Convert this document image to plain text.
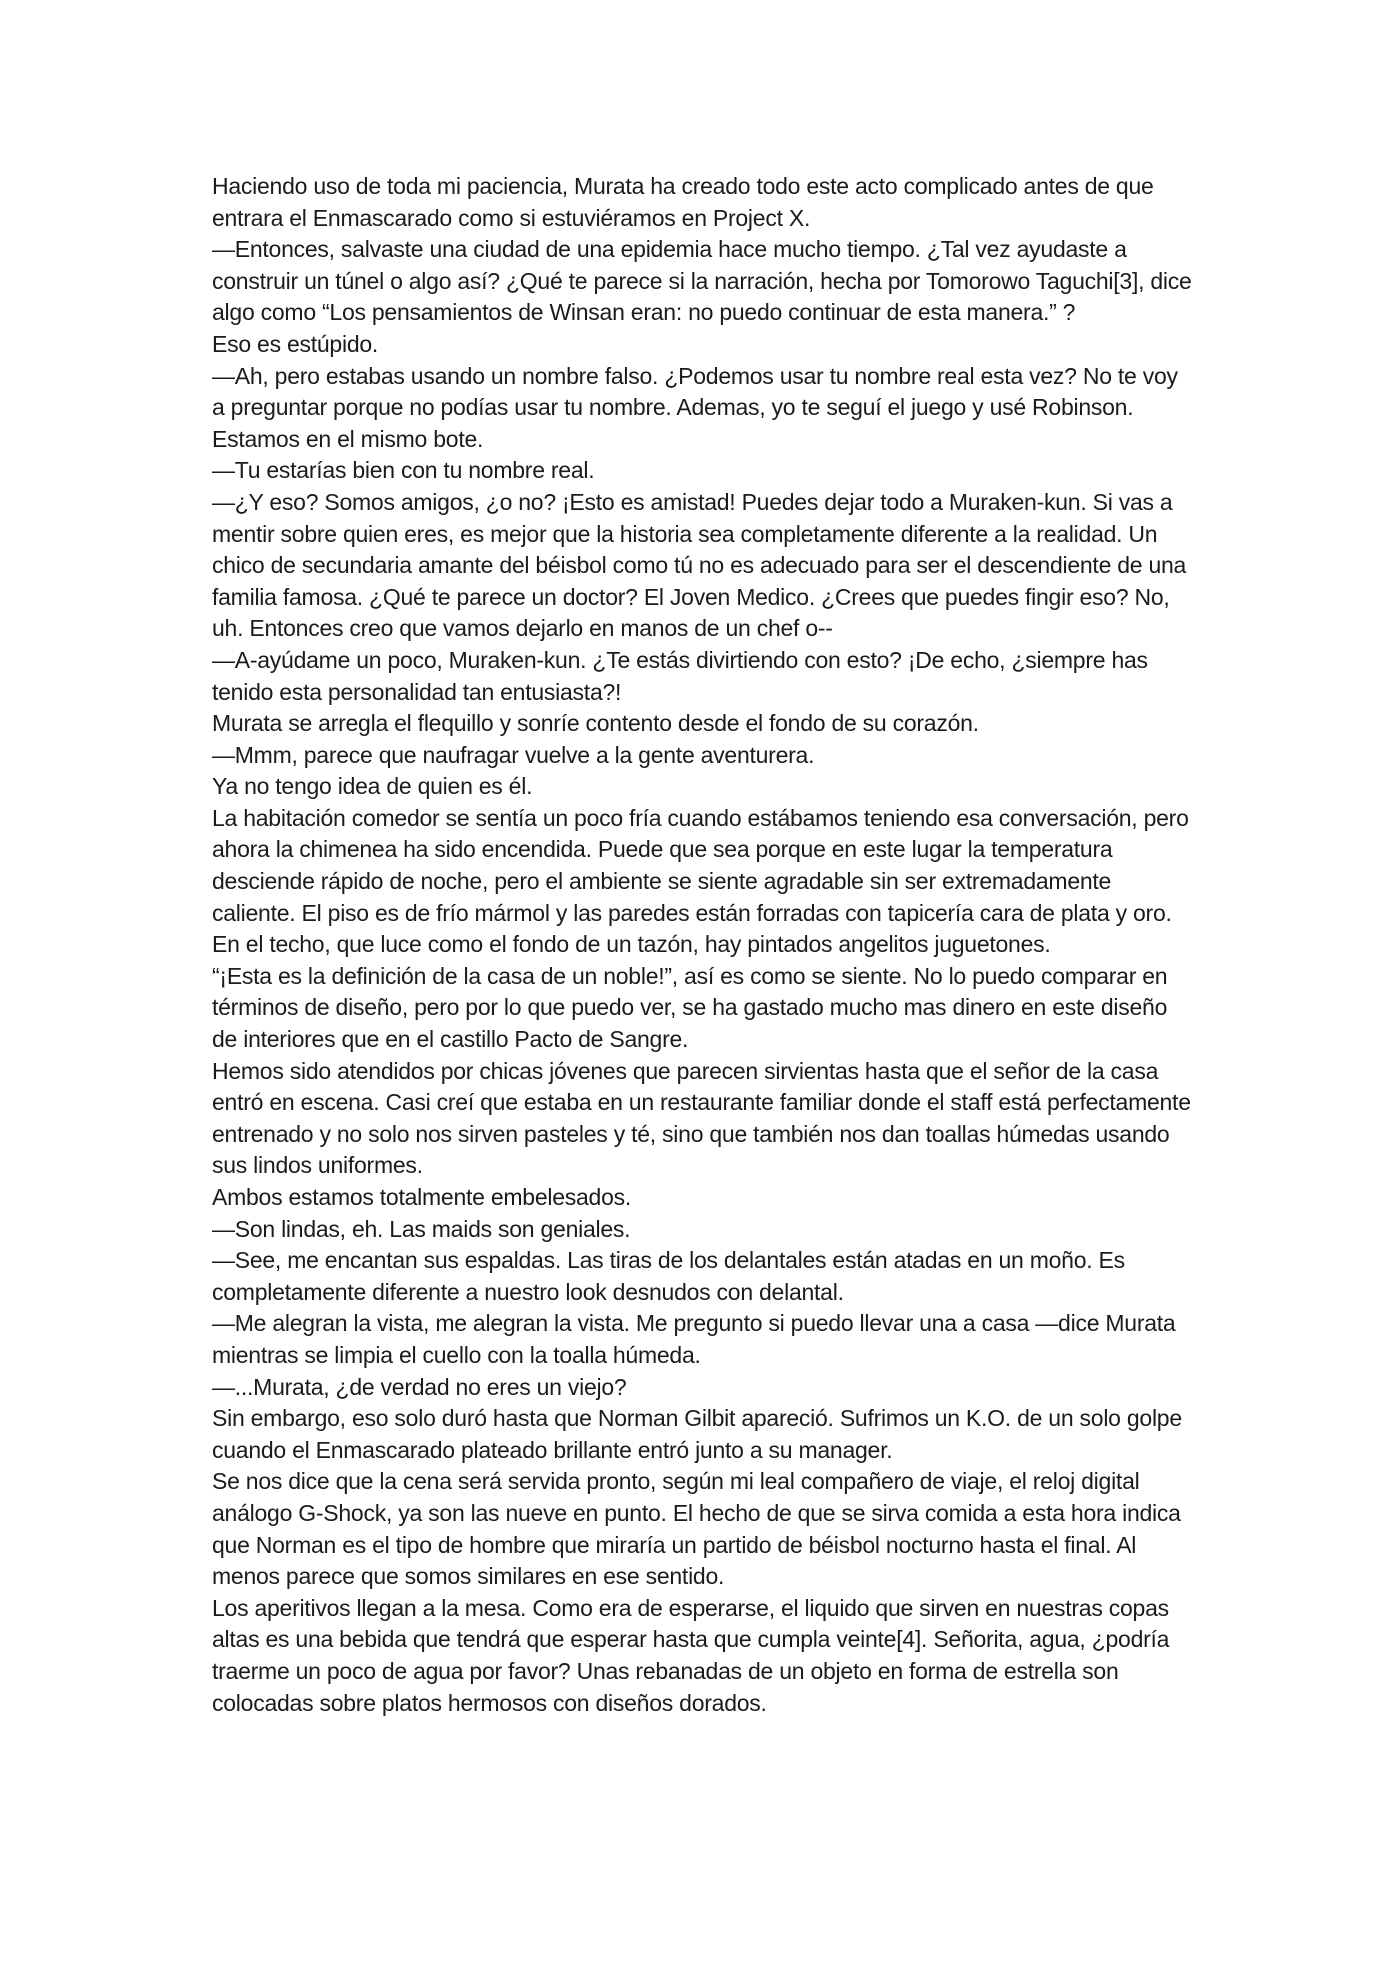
Haciendo uso de toda mi paciencia, Murata ha creado todo este acto complicado antes de que entrara el Enmascarado como si estuviéramos en Project X.

—Entonces, salvaste una ciudad de una epidemia hace mucho tiempo. ¿Tal vez ayudaste a construir un túnel o algo así? ¿Qué te parece si la narración, hecha por Tomorowo Taguchi[3], dice algo como “Los pensamientos de Winsan eran: no puedo continuar de esta manera.” ?

Eso es estúpido.

—Ah, pero estabas usando un nombre falso. ¿Podemos usar tu nombre real esta vez? No te voy a preguntar porque no podías usar tu nombre. Ademas, yo te seguí el juego y usé Robinson. Estamos en el mismo bote.

—Tu estarías bien con tu nombre real.

—¿Y eso? Somos amigos, ¿o no? ¡Esto es amistad! Puedes dejar todo a Muraken-kun. Si vas a mentir sobre quien eres, es mejor que la historia sea completamente diferente a la realidad. Un chico de secundaria amante del béisbol como tú no es adecuado para ser el descendiente de una familia famosa. ¿Qué te parece un doctor? El Joven Medico. ¿Crees que puedes fingir eso? No, uh. Entonces creo que vamos dejarlo en manos de un chef o--

—A-ayúdame un poco, Muraken-kun. ¿Te estás divirtiendo con esto? ¡De echo, ¿siempre has tenido esta personalidad tan entusiasta?!

Murata se arregla el flequillo y sonríe contento desde el fondo de su corazón.

—Mmm, parece que naufragar vuelve a la gente aventurera.

Ya no tengo idea de quien es él.

La habitación comedor se sentía un poco fría cuando estábamos teniendo esa conversación, pero ahora la chimenea ha sido encendida. Puede que sea porque en este lugar la temperatura desciende rápido de noche, pero el ambiente se siente agradable sin ser extremadamente caliente. El piso es de frío mármol y las paredes están forradas con tapicería cara de plata y oro. En el techo, que luce como el fondo de un tazón, hay pintados angelitos juguetones.

“¡Esta es la definición de la casa de un noble!”, así es como se siente. No lo puedo comparar en términos de diseño, pero por lo que puedo ver, se ha gastado mucho mas dinero en este diseño de interiores que en el castillo Pacto de Sangre.

Hemos sido atendidos por chicas jóvenes que parecen sirvientas hasta que el señor de la casa entró en escena. Casi creí que estaba en un restaurante familiar donde el staff está perfectamente entrenado y no solo nos sirven pasteles y té, sino que también nos dan toallas húmedas usando sus lindos uniformes.

Ambos estamos totalmente embelesados.

—Son lindas, eh. Las maids son geniales.

—See, me encantan sus espaldas. Las tiras de los delantales están atadas en un moño. Es completamente diferente a nuestro look desnudos con delantal.

—Me alegran la vista, me alegran la vista. Me pregunto si puedo llevar una a casa —dice Murata mientras se limpia el cuello con la toalla húmeda.

—...Murata, ¿de verdad no eres un viejo?

Sin embargo, eso solo duró hasta que Norman Gilbit apareció. Sufrimos un K.O. de un solo golpe cuando el Enmascarado plateado brillante entró junto a su manager.

Se nos dice que la cena será servida pronto, según mi leal compañero de viaje, el reloj digital análogo G-Shock, ya son las nueve en punto. El hecho de que se sirva comida a esta hora indica que Norman es el tipo de hombre que miraría un partido de béisbol nocturno hasta el final. Al menos parece que somos similares en ese sentido.

Los aperitivos llegan a la mesa. Como era de esperarse, el liquido que sirven en nuestras copas altas es una bebida que tendrá que esperar hasta que cumpla veinte[4]. Señorita, agua, ¿podría traerme un poco de agua por favor? Unas rebanadas de un objeto en forma de estrella son colocadas sobre platos hermosos con diseños dorados.
